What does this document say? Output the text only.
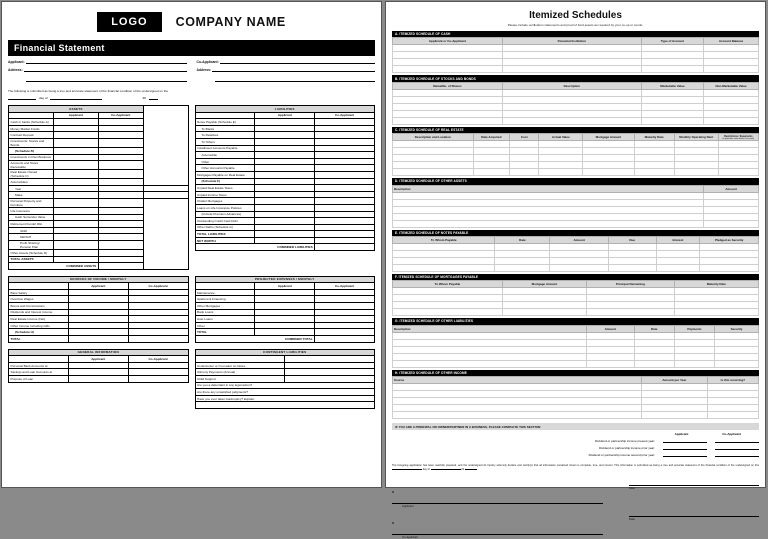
LOGO	COMPANY NAME
Financial Statement
Applicant:
Address:
Co-Applicant:
Address:
The following is submitted as being a true and accurate statement of the financial condition of the undersigned on the
day of	20
ASSETS			
	Applicant	Co-Applicant	
Cash in banks (Schedule A)			
Money Market Funds			
Contract Deposit			
Investments: Stocks and Bonds			
(Schedule B)			
Investments in Own Business			
Accounts and Notes Receivable			
Real Estate Owned (Schedule C)			
Automobiles:			
Year			
Make			
Personal Property and Furniture			
Life Insurance			
Cash Surrender Value			
Retirement Funds/ IRA			
401K			
KEOGH			
Profit Sharing/ Pension Plan			
Other Assets (Schedule D)			
TOTAL ASSETS			
COMBINED ASSETS			
LIABILITIES		
	Applicant	Co-Applicant
Notes Payable (Schedule E)		
To Banks		
To Relatives		
To Others		
Installment Accounts Payable		
Automobile		
Other		
Other Accounts Payable		
Mortgages Payable on Real Estate		
(Schedule F)		
Unpaid Real Estate Taxes		
Unpaid Income Taxes		
Chattel Mortgages		
Loans on Life Insurance Policies		
(Include Premium Advances)		
Outstanding Credit Card Debt		
Other Debts (Schedule G)		
TOTAL LIABILITIES		
NET WORTH		
COMBINED LIABILITIES		
SOURCES OF INCOME / MONTHLY		
	Applicant	Co-Applicant
Base Salary		
Overtime Wages		
Bonus and Commissions		
Dividends and Interest Income		
Real Estate Income (Net)		
Other Income Including Gifts		
(Schedule H)		
TOTAL		
PROJECTED EXPENSES / MONTHLY		
	Applicant	Co-Applicant
Maintenance		
Apartment Financing		
Other Mortgages		
Bank Loans		
Auto Loans		
Other		
TOTAL		
COMBINED TOTAL		
GENERAL INFORMATION		
	Applicant	Co-Applicant
Personal Bank Accounts at		
Savings and Loan Accounts at		
Purpose of Loan		
CONTINGENT LIABILITIES	

As Endorser or Co-maker on Notes	
Alimony Payments (Annual)	
Child Support	
Are you a defendant in any legal action?	
Are there any unsatisfied judgments?	
Have you ever taken bankruptcy? Explain:	

Itemized Schedules
Please include verification statements and proof of fund assets as required by your co-op or condo.
A. ITEMIZED SCHEDULE OF CASH
Applicant or Co-Applicant	Financial Institution	Type of Account	Account Balance

B. ITEMIZED SCHEDULE OF STOCKS AND BONDS
Name/No. of Shares	Description	Marketable Value	Non-Marketable Value

C. ITEMIZED SCHEDULE OF REAL ESTATE
Description and Location	Date Acquired	Cost	Actual Value	Mortgage Amount	Maturity Date	Monthly Operating Rent	Restrictions / Easements
(if applicable, write details if no rental)

D. ITEMIZED SCHEDULE OF OTHER ASSETS
Description	Amount

E. ITEMIZED SCHEDULE OF NOTES PAYABLE
To Whom Payable	Date	Amount	Due	Interest	Pledged as Security

F. ITEMIZED SCHEDULE OF MORTGAGES PAYABLE
To Whom Payable	Mortgage Amount	Principal Remaining	Maturity Date

G. ITEMIZED SCHEDULE OF OTHER LIABILITIES
Description	Amount	Rate	Payments	Security

H. ITEMIZED SCHEDULE OF OTHER INCOME
Source	Amount per Year	Is this recurring?

IF YOU ARE A PRINCIPAL OR OWNER/PARTNER IN A BUSINESS, PLEASE COMPLETE THIS SECTION:
Applicant	Co-Applicant
Dividend or partnership income present year:
Dividend or partnership income prior year:
Dividend or partnership income second prior year:
The foregoing application has been carefully prepared, and the undersigned do hereby solemnly declare and certify(s) that all information contained herein is complete, true, and correct. This information is submitted as being a true and accurate statement of the financial condition of the undersigned on this  day of	20	.
X
Applicant
Date
X
Co-Applicant
Date
